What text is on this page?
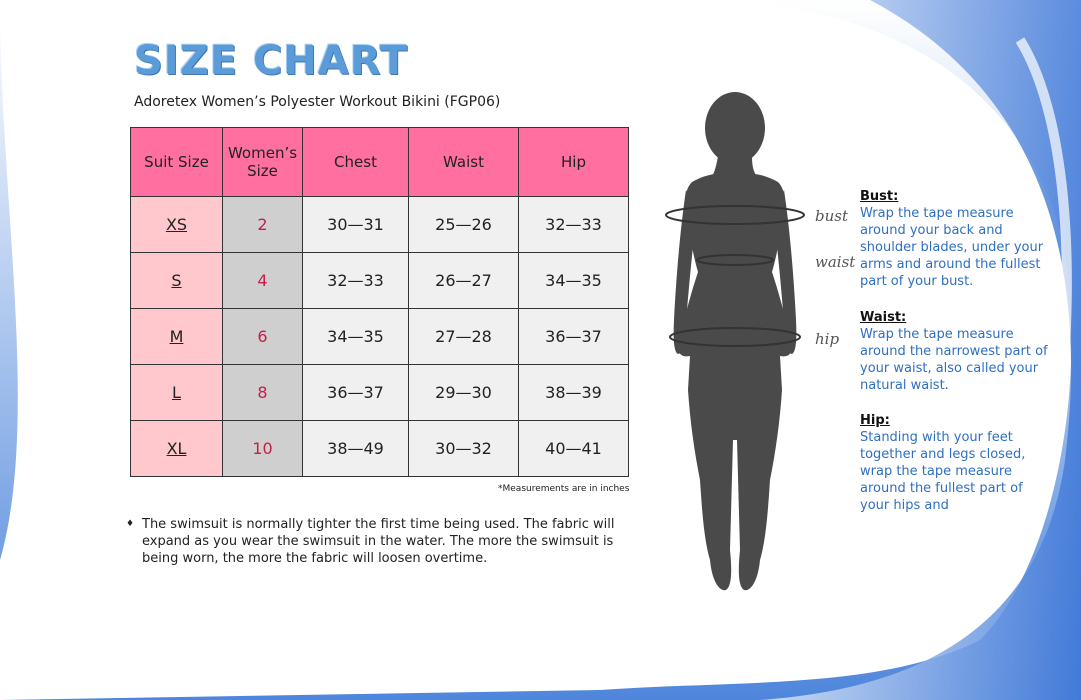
SIZE CHART
Adoretex Women’s Polyester Workout Bikini (FGP06)
Suit Size	Women’s Size	Chest	Waist	Hip
XS	2	30—31	25—26	32—33
S	4	32—33	26—27	34—35
M	6	34—35	27—28	36—37
L	8	36—37	29—30	38—39
XL	10	38—49	30—32	40—41
*Measurements are in inches
♦ The swimsuit is normally tighter the first time being used. The fabric will expand as you wear the swimsuit in the water. The more the swimsuit is being worn, the more the fabric will loosen overtime.
bust
waist
hip
Bust:
Wrap the tape measure around your back and shoulder blades, under your arms and around the fullest part of your bust.
Waist:
Wrap the tape measure around the narrowest part of your waist, also called your natural waist.
Hip:
Standing with your feet together and legs closed, wrap the tape measure around the fullest part of your hips and
